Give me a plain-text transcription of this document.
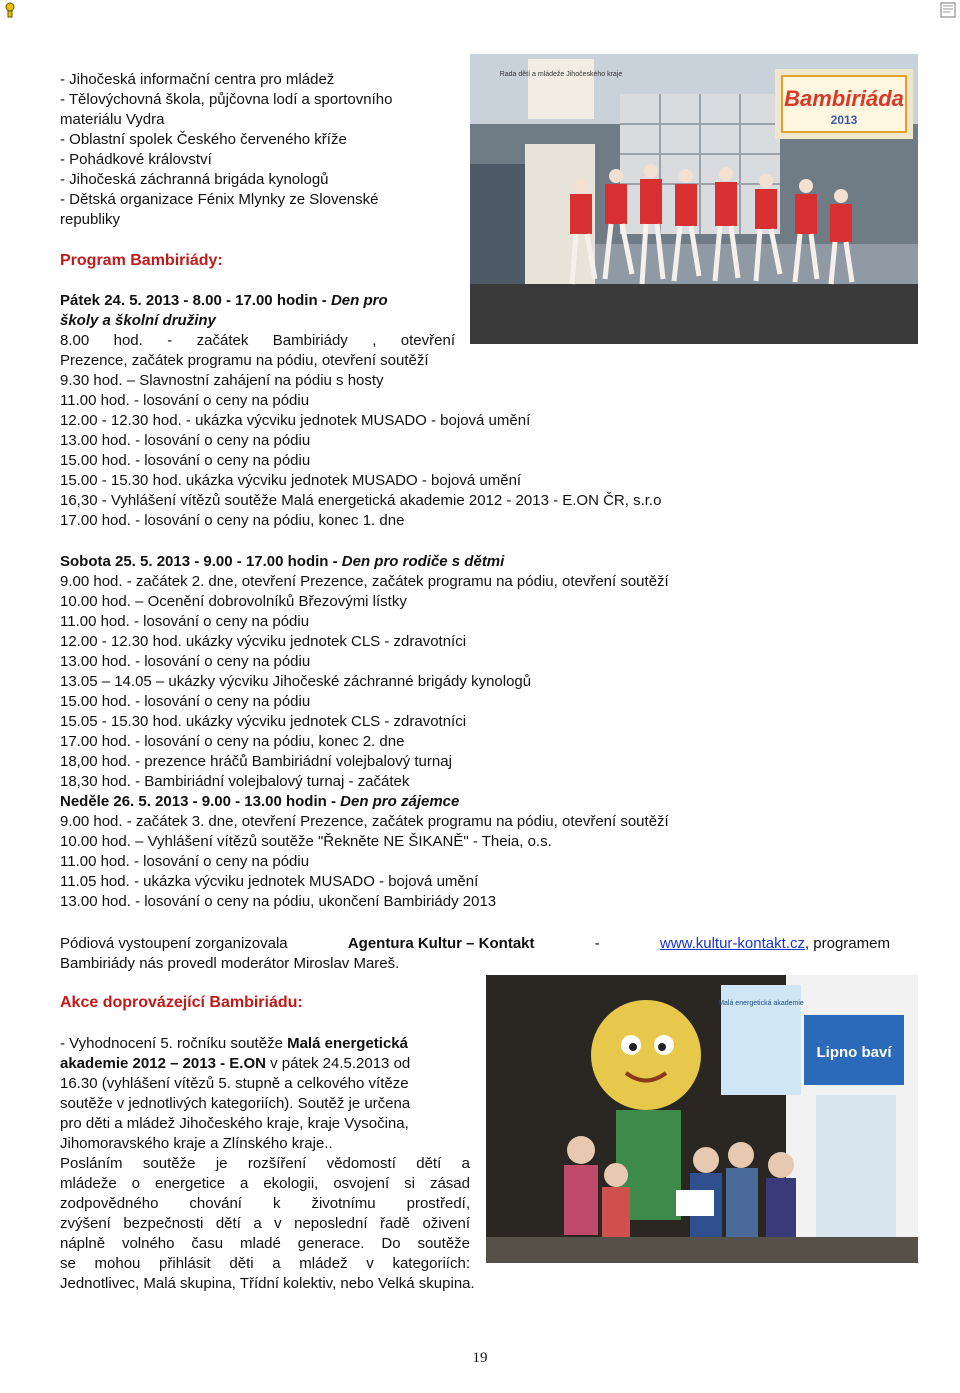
- Jihočeská informační centra pro mládež
- Tělovýchovná škola, půjčovna lodí a sportovního
materiálu Vydra
- Oblastní spolek Českého červeného kříže
- Pohádkové království
- Jihočeská záchranná brigáda kynologů
- Dětská organizace Fénix Mlynky ze Slovenské
republiky
Program Bambiriády:
Pátek 24. 5. 2013 - 8.00 - 17.00 hodin - Den pro
školy a školní družiny
8.00 hod. - začátek Bambiriády , otevření
Prezence, začátek programu na pódiu, otevření soutěží
9.30 hod. – Slavnostní zahájení na pódiu s hosty
11.00 hod. - losování o ceny na pódiu
12.00 - 12.30 hod. - ukázka výcviku jednotek MUSADO - bojová umění
13.00 hod. - losování o ceny na pódiu
15.00 hod. - losování o ceny na pódiu
15.00 - 15.30 hod. ukázka výcviku jednotek MUSADO - bojová umění
16,30 - Vyhlášení vítězů soutěže Malá energetická akademie 2012 - 2013 - E.ON ČR, s.r.o
17.00 hod. - losování o ceny na pódiu, konec 1. dne
Sobota 25. 5. 2013 - 9.00 - 17.00 hodin - Den pro rodiče s dětmi
9.00 hod. - začátek 2. dne, otevření Prezence, začátek programu na pódiu, otevření soutěží
10.00 hod. – Ocenění dobrovolníků Březovými lístky
11.00 hod. - losování o ceny na pódiu
12.00 - 12.30 hod. ukázky výcviku jednotek CLS - zdravotníci
13.00 hod. - losování o ceny na pódiu
13.05 – 14.05 – ukázky výcviku Jihočeské záchranné brigády kynologů
15.00 hod. - losování o ceny na pódiu
15.05 - 15.30 hod. ukázky výcviku jednotek CLS - zdravotníci
17.00 hod. - losování o ceny na pódiu, konec 2. dne
18,00 hod. - prezence hráčů Bambiriádní volejbalový turnaj
18,30 hod. - Bambiriádní volejbalový turnaj - začátek
Neděle 26. 5. 2013 - 9.00 - 13.00 hodin - Den pro zájemce
9.00 hod. - začátek 3. dne, otevření Prezence, začátek programu na pódiu, otevření soutěží
10.00 hod. – Vyhlášení vítězů soutěže "Řekněte NE ŠIKANĚ" - Theia, o.s.
11.00 hod. - losování o ceny na pódiu
11.05 hod. - ukázka výcviku jednotek MUSADO - bojová umění
13.00 hod. - losování o ceny na pódiu, ukončení Bambiriády 2013
Pódiová vystoupení zorganizovala	Agentura Kultur – Kontakt	-	www.kultur-kontakt.cz, programem
Bambiriády nás provedl moderátor Miroslav Mareš.
Akce doprovázející Bambiriádu:
- Vyhodnocení 5. ročníku soutěže Malá energetická
akademie 2012 – 2013 - E.ON v pátek 24.5.2013 od
16.30 (vyhlášení vítězů 5. stupně a celkového vítěze
soutěže v jednotlivých kategoriích). Soutěž je určena
pro děti a mládež Jihočeského kraje, kraje Vysočina,
Jihomoravského kraje a Zlínského kraje..
Posláním soutěže je rozšíření vědomostí dětí a
mládeže o energetice a ekologii, osvojení si zásad
zodpovědného chování k životnímu prostředí,
zvýšení bezpečnosti dětí a v neposlední řadě oživení
náplně volného času mladé generace. Do soutěže
se mohou přihlásit děti a mládež v kategoriích:
Jednotlivec, Malá skupina, Třídní kolektiv, nebo Velká skupina.
Rada dětí a mládeže Jihočeského kraje
Bambiriáda
2013
Malá energetická akademie
Lipno baví
19
